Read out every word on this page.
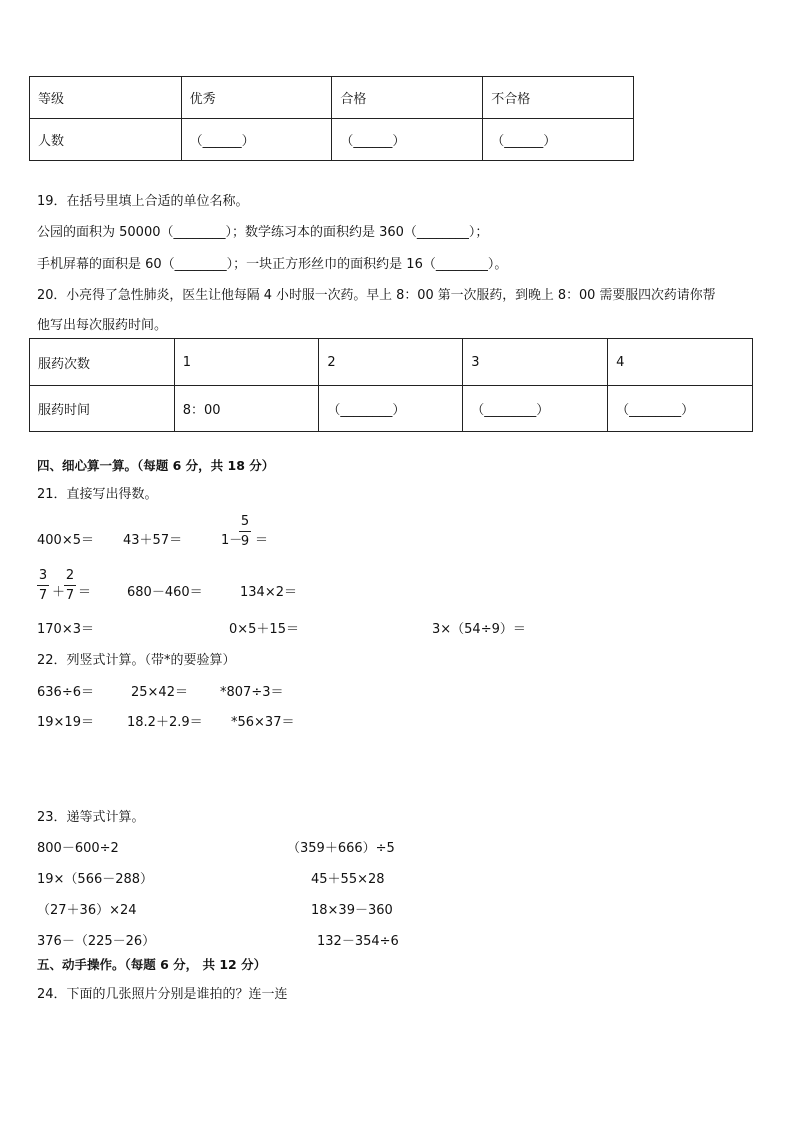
等级	优秀	合格	不合格
人数	（______）	（______）	（______）
19．在括号里填上合适的单位名称。
公园的面积为 50000（________）；数学练习本的面积约是 360（________）；
手机屏幕的面积是 60（________）；一块正方形丝巾的面积约是 16（________）。
20．小亮得了急性肺炎，医生让他每隔 4 小时服一次药。早上 8：00 第一次服药，到晚上 8：00 需要服四次药请你帮
他写出每次服药时间。
服药次数	1	2	3	4
服药时间	8：00	（________）	（________）	（________）
四、细心算一算。（每题 6 分，共 18 分）
21．直接写出得数。
400×5＝ 43＋57＝	1－
5
9 ＝
3
7 ＋
2
7 ＝	680－460＝	134×2＝
170×3＝	0×5＋15＝	3×（54÷9）＝
22．列竖式计算。（带*的要验算）
636÷6＝	25×42＝ *807÷3＝
19×19＝	18.2＋2.9＝ *56×37＝
23．递等式计算。
800－600÷2	（359＋666）÷5
19×（566－288）	45＋55×28
（27＋36）×24	18×39－360
376－（225－26）	132－354÷6
五、动手操作。（每题 6 分， 共 12 分）
24．下面的几张照片分别是谁拍的？连一连
